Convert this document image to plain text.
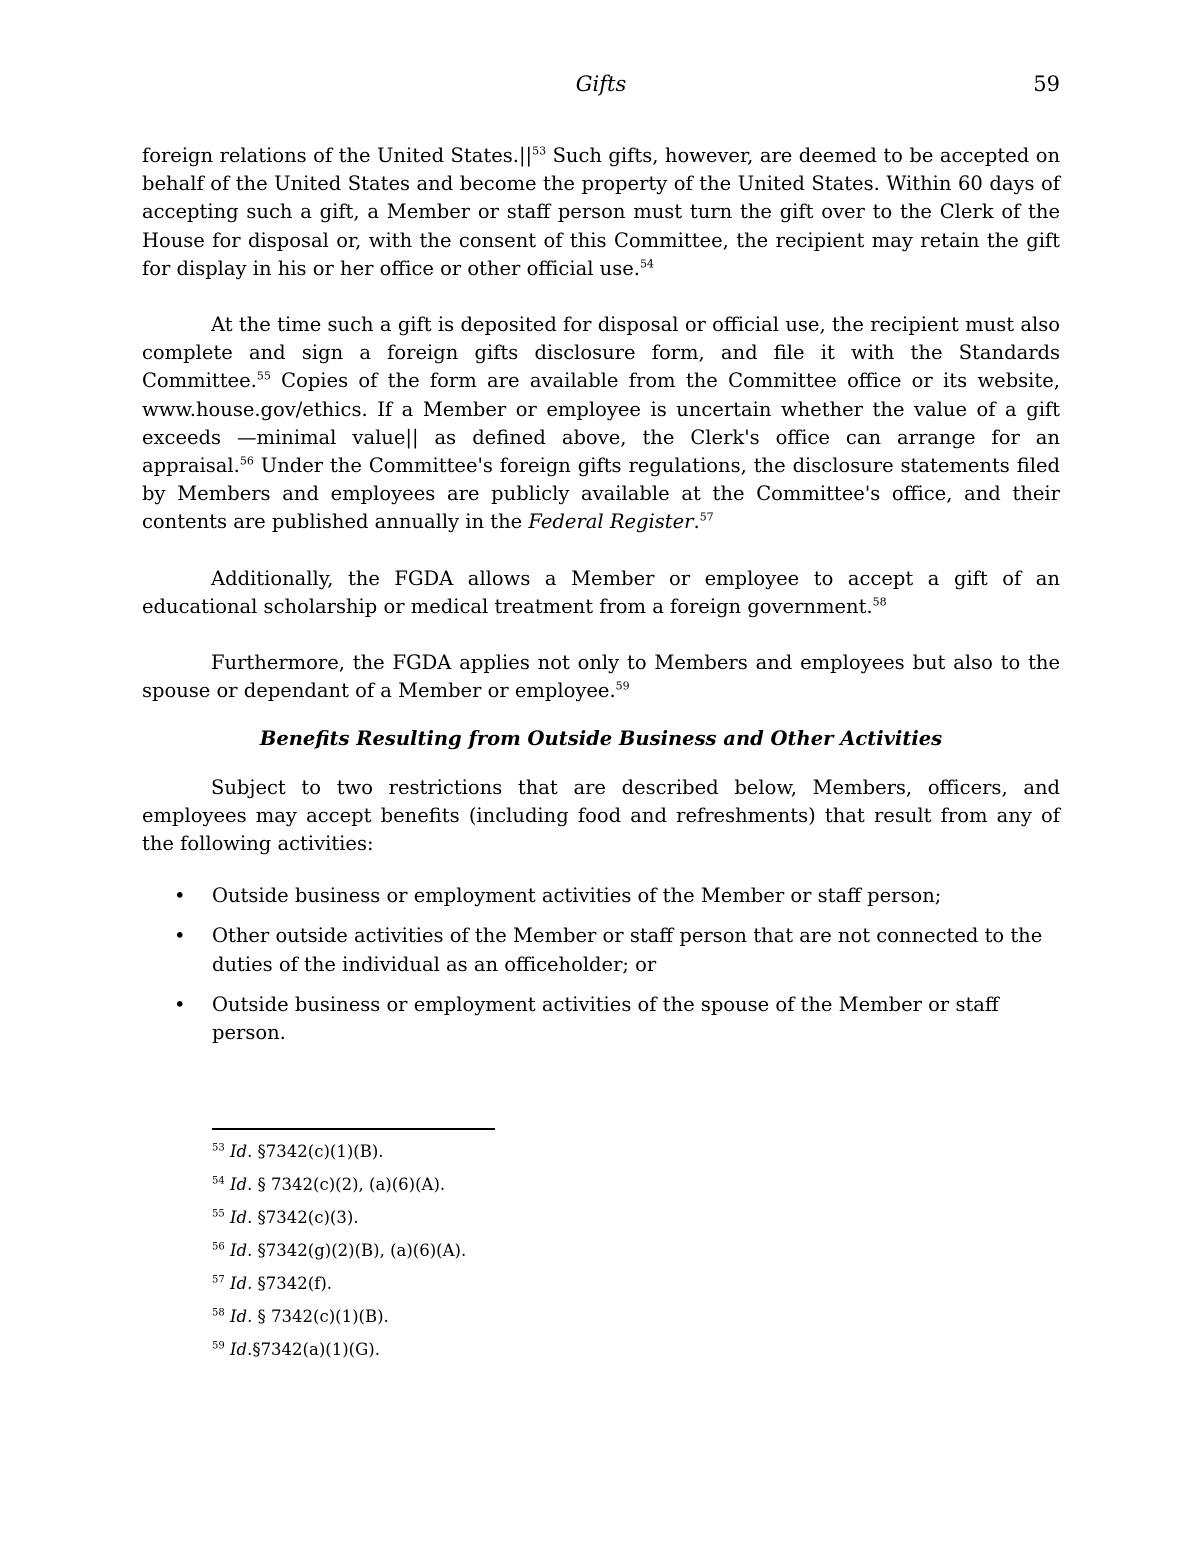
Gifts	59

foreign relations of the United $States.||^{53}$ Such gifts, however, are deemed to be accepted on behalf of the United States and become the property of the United States. Within 60 days of accepting such a gift, a Member or staff person must turn the gift over to the Clerk of the House for disposal or, with the consent of this Committee, the recipient may retain the gift for display in his or her office or other official use.$^{54}$

At the time such a gift is deposited for disposal or official use, the recipient must also complete and sign a foreign gifts disclosure form, and file it with the Standards Committee.$^{55}$ Copies of the form are available from the Committee office or its website, www.house.gov/ethics. If a Member or employee is uncertain whether the value of a gift exceeds —minimal value|| as defined above, the Clerk's office can arrange for an appraisal.$^{56}$ Under the Committee's foreign gifts regulations, the disclosure statements filed by Members and employees are publicly available at the Committee's office, and their contents are published annually in the Federal Register.$^{57}$

Additionally, the FGDA allows a Member or employee to accept a gift of an educational scholarship or medical treatment from a foreign government.$^{58}$

Furthermore, the FGDA applies not only to Members and employees but also to the spouse or dependant of a Member or employee.$^{59}$

Benefits Resulting from Outside Business and Other Activities

Subject to two restrictions that are described below, Members, officers, and employees may accept benefits (including food and refreshments) that result from any of the following activities:

• Outside business or employment activities of the Member or staff person;
• Other outside activities of the Member or staff person that are not connected to the duties of the individual as an officeholder; or
• Outside business or employment activities of the spouse of the Member or staff person.
$^{53}$ Id. §7342(c)(1)(B).
$^{54}$ Id. § 7342(c)(2), (a)(6)(A).
$^{55}$ Id. §7342(c)(3).
$^{56}$ Id. §7342(g)(2)(B), (a)(6)(A).
$^{57}$ Id. §7342(f).
$^{58}$ Id. § 7342(c)(1)(B).
$^{59}$ Id.§7342(a)(1)(G).
